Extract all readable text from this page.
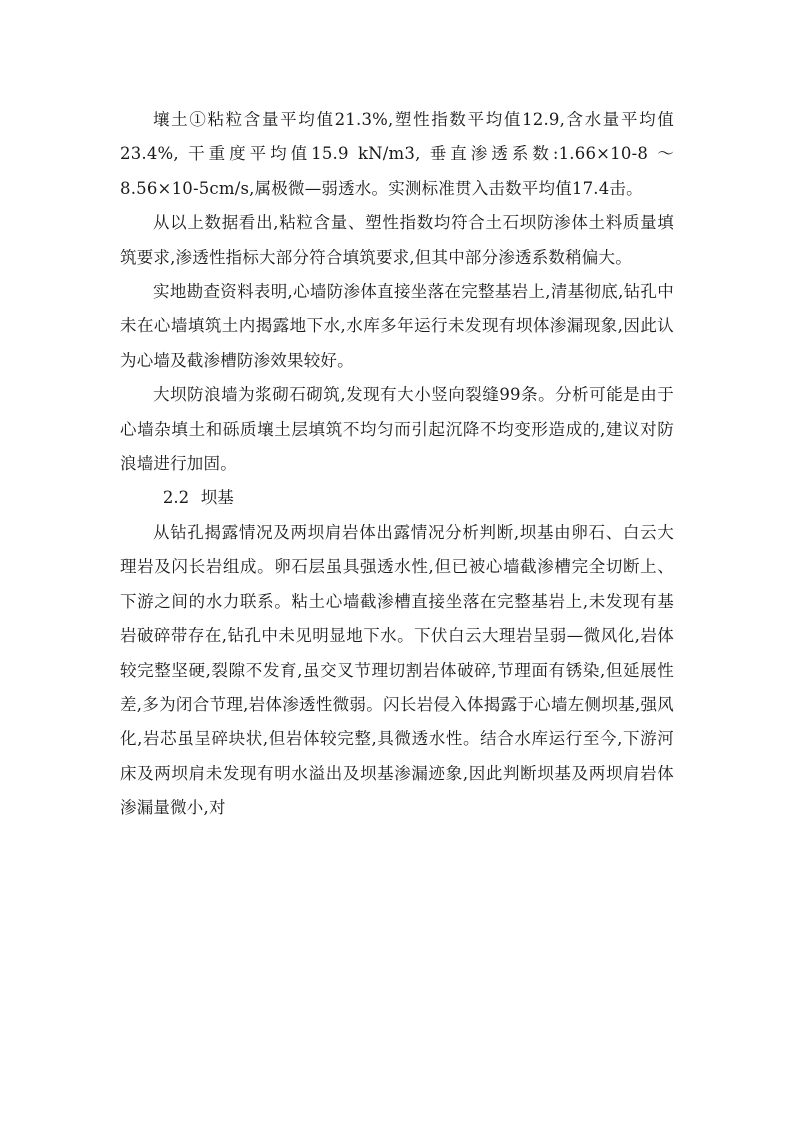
壤土①粘粒含量平均值21.3%,塑性指数平均值12.9,含水量平均值23.4%, 干重度平均值15.9 kN/m3, 垂直渗透系数:1.66×10-8 ～8.56×10-5cm/s,属极微—弱透水。实测标准贯入击数平均值17.4击。

从以上数据看出,粘粒含量、塑性指数均符合土石坝防渗体土料质量填筑要求,渗透性指标大部分符合填筑要求,但其中部分渗透系数稍偏大。

实地勘查资料表明,心墙防渗体直接坐落在完整基岩上,清基彻底,钻孔中未在心墙填筑土内揭露地下水,水库多年运行未发现有坝体渗漏现象,因此认为心墙及截渗槽防渗效果较好。

大坝防浪墙为浆砌石砌筑,发现有大小竖向裂缝99条。分析可能是由于心墙杂填土和砾质壤土层填筑不均匀而引起沉降不均变形造成的,建议对防浪墙进行加固。

2.2 坝基

从钻孔揭露情况及两坝肩岩体出露情况分析判断,坝基由卵石、白云大理岩及闪长岩组成。卵石层虽具强透水性,但已被心墙截渗槽完全切断上、下游之间的水力联系。粘土心墙截渗槽直接坐落在完整基岩上,未发现有基岩破碎带存在,钻孔中未见明显地下水。下伏白云大理岩呈弱—微风化,岩体较完整坚硬,裂隙不发育,虽交叉节理切割岩体破碎,节理面有锈染,但延展性差,多为闭合节理,岩体渗透性微弱。闪长岩侵入体揭露于心墙左侧坝基,强风化,岩芯虽呈碎块状,但岩体较完整,具微透水性。结合水库运行至今,下游河床及两坝肩未发现有明水溢出及坝基渗漏迹象,因此判断坝基及两坝肩岩体渗漏量微小,对
